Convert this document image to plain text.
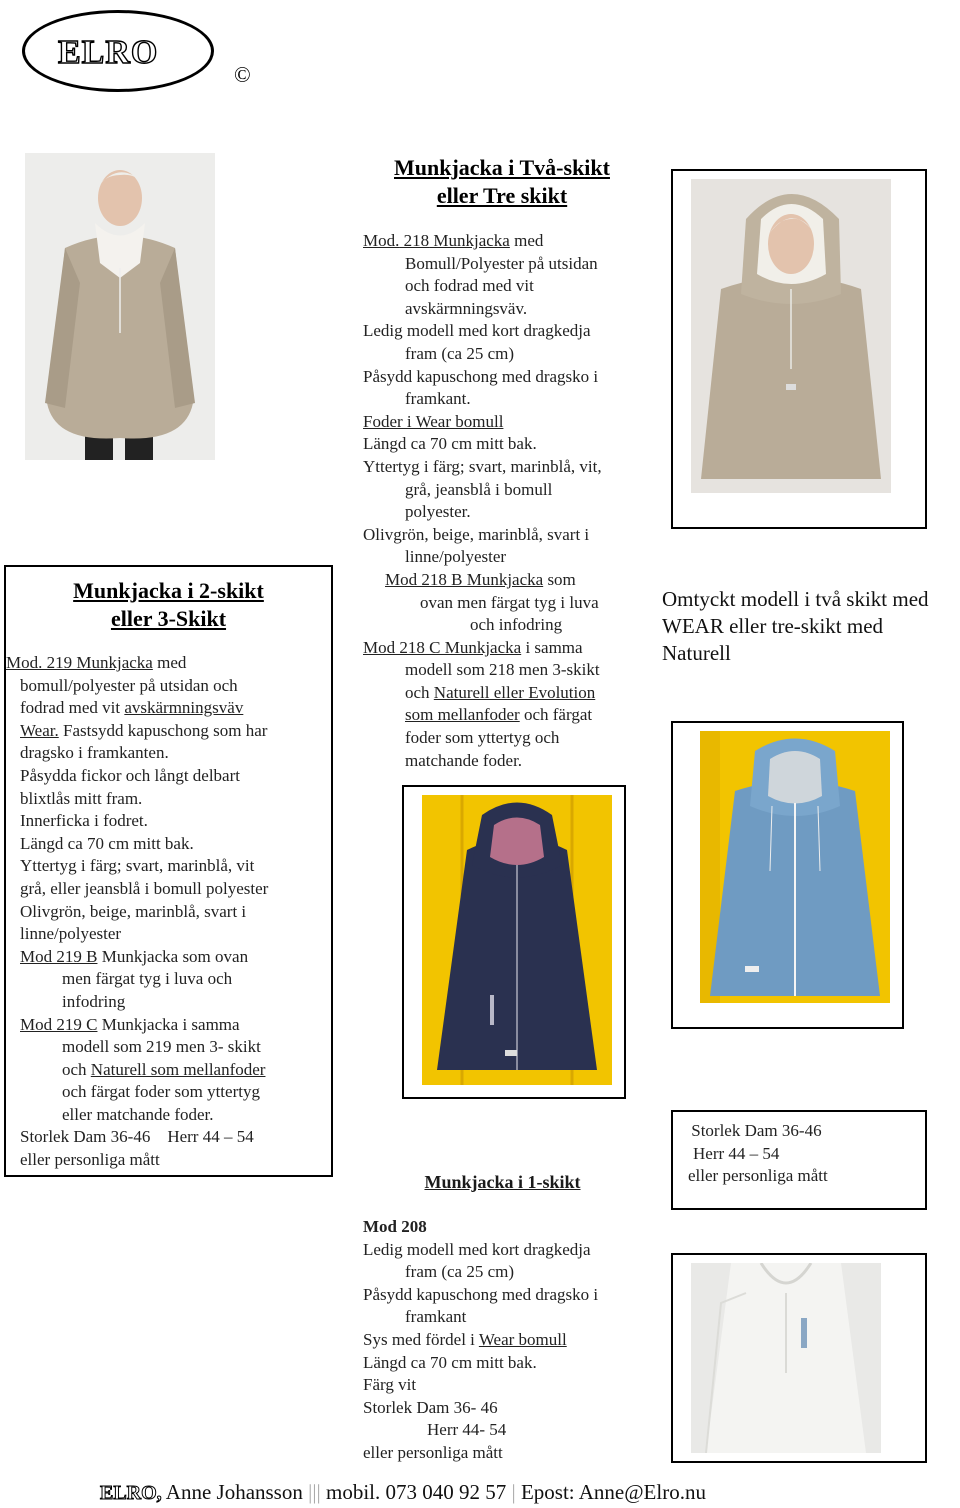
ELRO
©

Munkjacka i 2-skikt

eller 3-Skikt

Mod. 219 Munkjacka med

bomull/polyester på utsidan och

fodrad med vit avskärmningsväv

Wear. Fastsydd kapuschong som har

dragsko i framkanten.

Påsydda fickor och långt delbart

blixtlås mitt fram.

Innerficka i fodret.

Längd ca 70 cm mitt bak.

Yttertyg i färg; svart, marinblå, vit

grå, eller jeansblå i bomull polyester

Olivgrön, beige, marinblå, svart i

linne/polyester

Mod 219 B Munkjacka som ovan

men färgat tyg i luva och

infodring

Mod 219 C Munkjacka i samma

modell som 219 men 3- skikt

och Naturell som mellanfoder

och färgat foder som yttertyg

eller matchande foder.

Storlek Dam 36-46    Herr 44 – 54

eller personliga mått

Munkjacka i Två-skikt

eller Tre skikt

Mod. 218 Munkjacka med

Bomull/Polyester på utsidan

och fodrad med vit

avskärmningsväv.

Ledig modell med kort dragkedja

fram (ca 25 cm)

Påsydd kapuschong med dragsko i

framkant.

Foder i Wear bomull

Längd ca 70 cm mitt bak.

Yttertyg i färg; svart, marinblå, vit,

grå, jeansblå i bomull

polyester.

Olivgrön, beige, marinblå, svart i

linne/polyester

Mod 218 B Munkjacka som

ovan men färgat tyg i luva

och infodring

Mod 218 C Munkjacka i samma

modell som 218 men 3-skikt

och Naturell eller Evolution

som mellanfoder och färgat

foder som yttertyg och

matchande foder.

Munkjacka i 1-skikt

Mod 208

Ledig modell med kort dragkedja

fram (ca 25 cm)

Påsydd kapuschong med dragsko i

framkant

Sys med fördel i Wear bomull

Längd ca 70 cm mitt bak.

Färg vit

Storlek Dam 36- 46

Herr 44- 54

eller personliga mått

Omtyckt modell i två skikt med

WEAR eller tre-skikt med

Naturell

Storlek Dam 36-46

Herr 44 – 54

eller personliga mått

ELRO, Anne Johansson ||| mobil. 073 040 92 57 | Epost: Anne@Elro.nu
